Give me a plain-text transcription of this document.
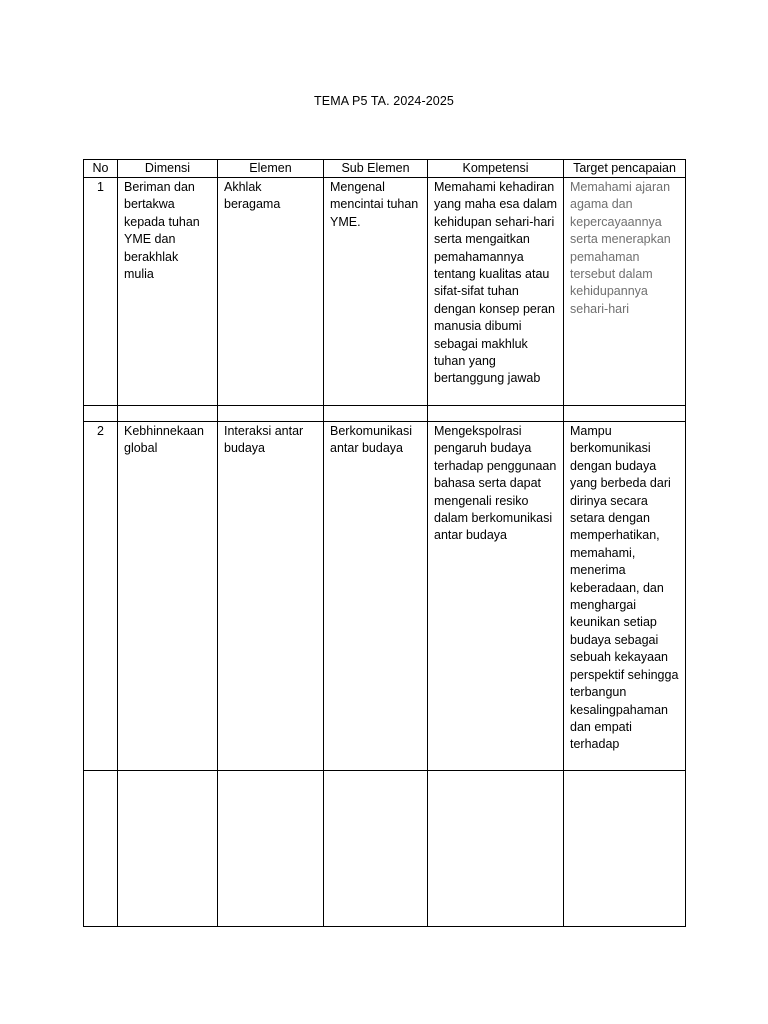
TEMA P5 TA. 2024-2025
No	Dimensi	Elemen	Sub Elemen	Kompetensi	Target pencapaian
1	Beriman dan bertakwa kepada tuhan YME dan berakhlak mulia	Akhlak beragama	Mengenal mencintai tuhan YME.	Memahami kehadiran yang maha esa dalam kehidupan sehari-hari serta mengaitkan pemahamannya tentang kualitas atau sifat-sifat tuhan dengan konsep peran manusia dibumi sebagai makhluk tuhan yang bertanggung jawab	Memahami ajaran agama dan kepercayaannya serta menerapkan pemahaman tersebut dalam kehidupannya sehari-hari

2	Kebhinnekaan global	Interaksi antar budaya	Berkomunikasi antar budaya	Mengekspolrasi pengaruh budaya terhadap penggunaan bahasa serta dapat mengenali resiko dalam berkomunikasi antar budaya	Mampu berkomunikasi dengan budaya yang berbeda dari dirinya secara setara dengan memperhatikan, memahami, menerima keberadaan, dan menghargai keunikan setiap budaya sebagai sebuah kekayaan perspektif sehingga terbangun kesalingpahaman dan empati terhadap
